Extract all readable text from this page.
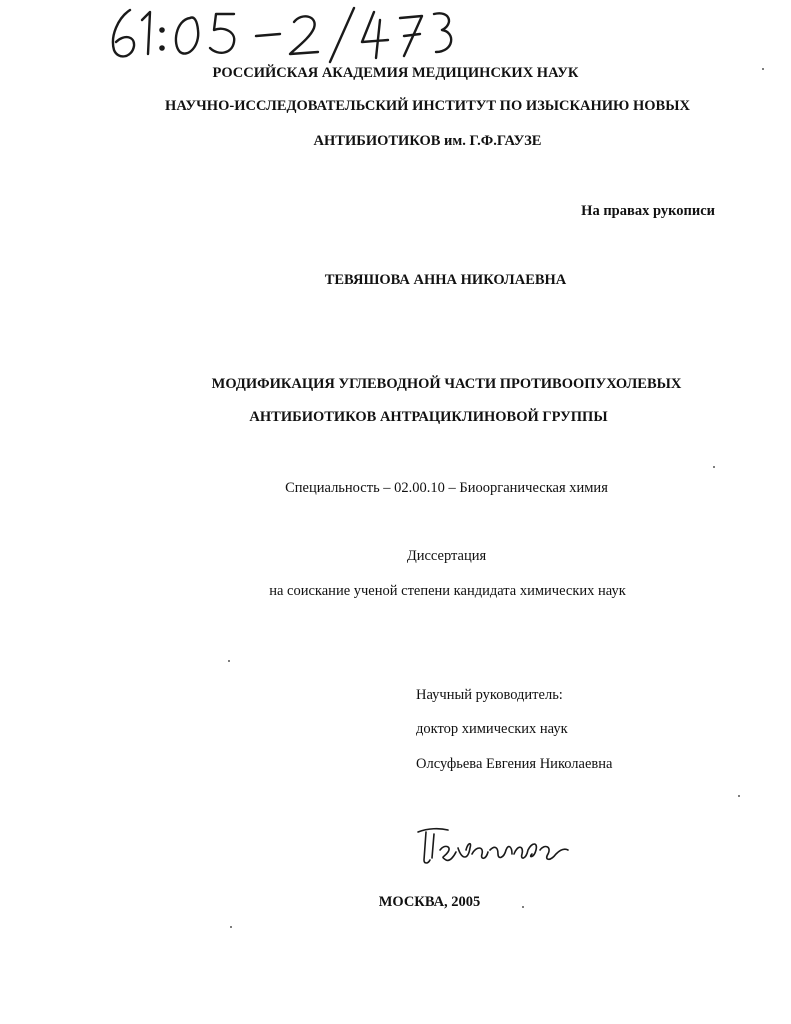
РОССИЙСКАЯ АКАДЕМИЯ МЕДИЦИНСКИХ НАУК
НАУЧНО-ИССЛЕДОВАТЕЛЬСКИЙ ИНСТИТУТ ПО ИЗЫСКАНИЮ НОВЫХ
АНТИБИОТИКОВ им. Г.Ф.ГАУЗЕ
На правах рукописи
ТЕВЯШОВА АННА НИКОЛАЕВНА
МОДИФИКАЦИЯ УГЛЕВОДНОЙ ЧАСТИ ПРОТИВООПУХОЛЕВЫХ
АНТИБИОТИКОВ АНТРАЦИКЛИНОВОЙ ГРУППЫ
Специальность – 02.00.10 – Биоорганическая химия
Диссертация
на соискание ученой степени кандидата химических наук
Научный руководитель:
доктор химических наук
Олсуфьева Евгения Николаевна
МОСКВА, 2005
